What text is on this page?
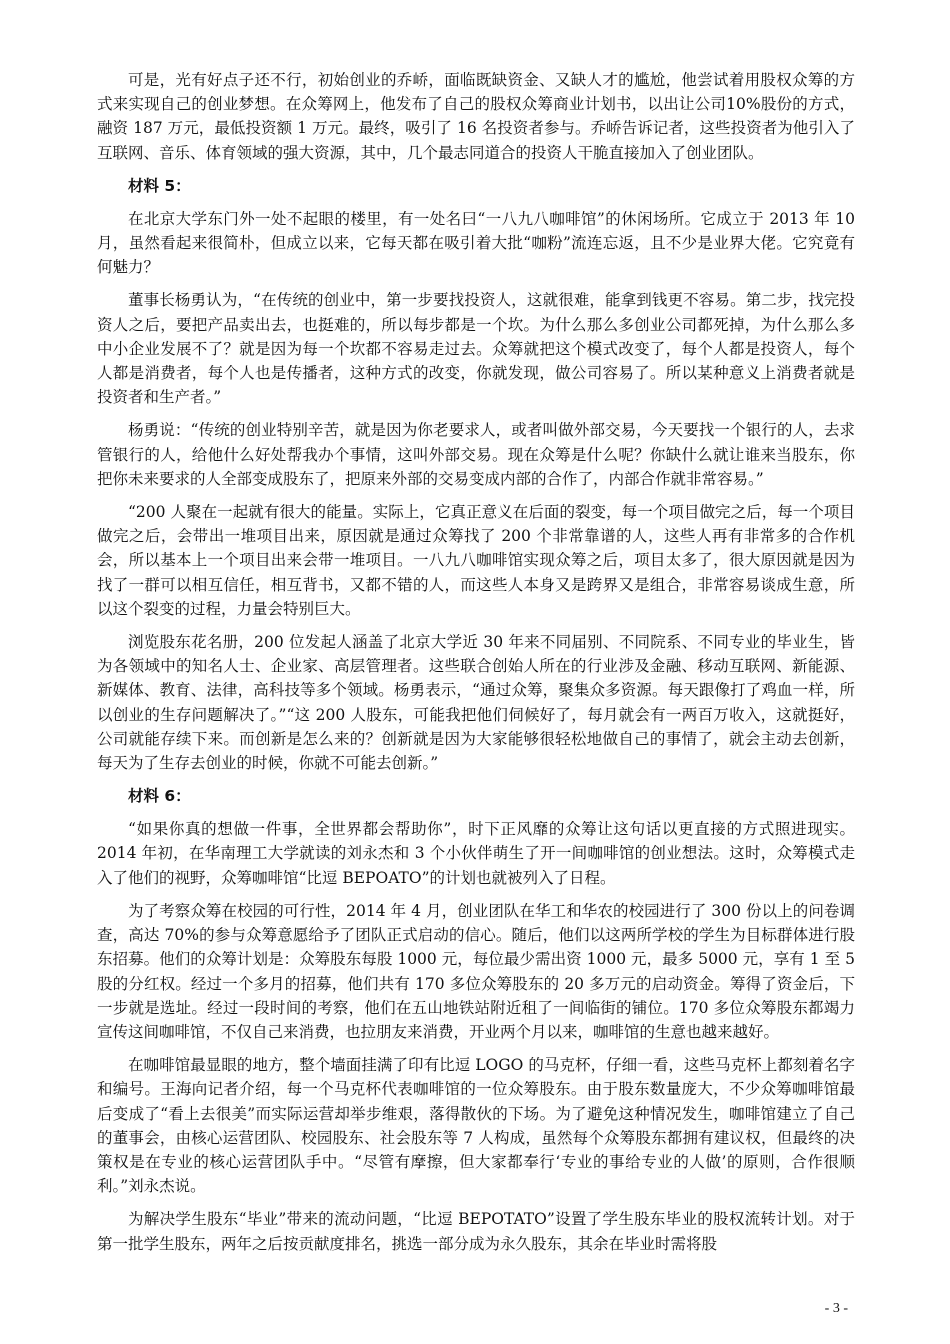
可是，光有好点子还不行，初始创业的乔峤，面临既缺资金、又缺人才的尴尬，他尝试着用股权众筹的方式来实现自己的创业梦想。在众筹网上，他发布了自己的股权众筹商业计划书，以出让公司10%股份的方式，融资 187 万元，最低投资额 1 万元。最终，吸引了 16 名投资者参与。乔峤告诉记者，这些投资者为他引入了互联网、音乐、体育领域的强大资源，其中，几个最志同道合的投资人干脆直接加入了创业团队。

材料 5：

在北京大学东门外一处不起眼的楼里，有一处名曰“一八九八咖啡馆”的休闲场所。它成立于 2013 年 10 月，虽然看起来很简朴，但成立以来，它每天都在吸引着大批“咖粉”流连忘返，且不少是业界大佬。它究竟有何魅力？

董事长杨勇认为，“在传统的创业中，第一步要找投资人，这就很难，能拿到钱更不容易。第二步，找完投资人之后，要把产品卖出去，也挺难的，所以每步都是一个坎。为什么那么多创业公司都死掉，为什么那么多中小企业发展不了？就是因为每一个坎都不容易走过去。众筹就把这个模式改变了，每个人都是投资人，每个人都是消费者，每个人也是传播者，这种方式的改变，你就发现，做公司容易了。所以某种意义上消费者就是投资者和生产者。”

杨勇说：“传统的创业特别辛苦，就是因为你老要求人，或者叫做外部交易，今天要找一个银行的人，去求管银行的人，给他什么好处帮我办个事情，这叫外部交易。现在众筹是什么呢？你缺什么就让谁来当股东，你把你未来要求的人全部变成股东了，把原来外部的交易变成内部的合作了，内部合作就非常容易。”

“200 人聚在一起就有很大的能量。实际上，它真正意义在后面的裂变，每一个项目做完之后，每一个项目做完之后，会带出一堆项目出来，原因就是通过众筹找了 200 个非常靠谱的人，这些人再有非常多的合作机会，所以基本上一个项目出来会带一堆项目。一八九八咖啡馆实现众筹之后，项目太多了，很大原因就是因为找了一群可以相互信任，相互背书，又都不错的人，而这些人本身又是跨界又是组合，非常容易谈成生意，所以这个裂变的过程，力量会特别巨大。

浏览股东花名册，200 位发起人涵盖了北京大学近 30 年来不同届别、不同院系、不同专业的毕业生，皆为各领域中的知名人士、企业家、高层管理者。这些联合创始人所在的行业涉及金融、移动互联网、新能源、新媒体、教育、法律，高科技等多个领域。杨勇表示，“通过众筹，聚集众多资源。每天跟像打了鸡血一样，所以创业的生存问题解决了。”“这 200 人股东，可能我把他们伺候好了，每月就会有一两百万收入，这就挺好，公司就能存续下来。而创新是怎么来的？创新就是因为大家能够很轻松地做自己的事情了，就会主动去创新，每天为了生存去创业的时候，你就不可能去创新。”

材料 6：

“如果你真的想做一件事，全世界都会帮助你”，时下正风靡的众筹让这句话以更直接的方式照进现实。2014 年初，在华南理工大学就读的刘永杰和 3 个小伙伴萌生了开一间咖啡馆的创业想法。这时，众筹模式走入了他们的视野，众筹咖啡馆“比逗 BEPOATO”的计划也就被列入了日程。

为了考察众筹在校园的可行性，2014 年 4 月，创业团队在华工和华农的校园进行了 300 份以上的问卷调查，高达 70%的参与众筹意愿给予了团队正式启动的信心。随后，他们以这两所学校的学生为目标群体进行股东招募。他们的众筹计划是：众筹股东每股 1000 元，每位最少需出资 1000 元，最多 5000 元，享有 1 至 5 股的分红权。经过一个多月的招募，他们共有 170 多位众筹股东的 20 多万元的启动资金。筹得了资金后，下一步就是选址。经过一段时间的考察，他们在五山地铁站附近租了一间临街的铺位。170 多位众筹股东都竭力宣传这间咖啡馆，不仅自己来消费，也拉朋友来消费，开业两个月以来，咖啡馆的生意也越来越好。

在咖啡馆最显眼的地方，整个墙面挂满了印有比逗 LOGO 的马克杯，仔细一看，这些马克杯上都刻着名字和编号。王海向记者介绍，每一个马克杯代表咖啡馆的一位众筹股东。由于股东数量庞大，不少众筹咖啡馆最后变成了“看上去很美”而实际运营却举步维艰，落得散伙的下场。为了避免这种情况发生，咖啡馆建立了自己的董事会，由核心运营团队、校园股东、社会股东等 7 人构成，虽然每个众筹股东都拥有建议权，但最终的决策权是在专业的核心运营团队手中。“尽管有摩擦，但大家都奉行‘专业的事给专业的人做’的原则，合作很顺利。”刘永杰说。

为解决学生股东“毕业”带来的流动问题，“比逗 BEPOTATO”设置了学生股东毕业的股权流转计划。对于第一批学生股东，两年之后按贡献度排名，挑选一部分成为永久股东，其余在毕业时需将股

- 3 -
